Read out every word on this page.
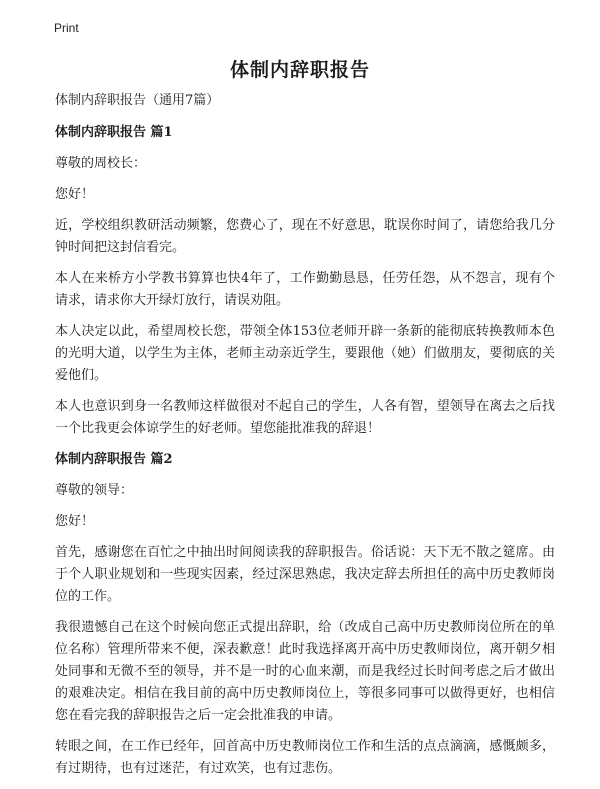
Print
体制内辞职报告

体制内辞职报告（通用7篇）

体制内辞职报告 篇1

尊敬的周校长：

您好！

近，学校组织教研活动频繁，您费心了，现在不好意思，耽误你时间了，请您给我几分钟时间把这封信看完。

本人在来桥方小学教书算算也快4年了，工作勤勤恳恳，任劳任怨，从不怨言，现有个请求，请求你大开绿灯放行，请误劝阻。

本人决定以此，希望周校长您，带领全体153位老师开辟一条新的能彻底转换教师本色的光明大道，以学生为主体，老师主动亲近学生，要跟他（她）们做朋友，要彻底的关爱他们。

本人也意识到身一名教师这样做很对不起自己的学生，人各有智，望领导在离去之后找一个比我更会体谅学生的好老师。望您能批准我的辞退！

体制内辞职报告 篇2

尊敬的领导：

您好！

首先，感谢您在百忙之中抽出时间阅读我的辞职报告。俗话说：天下无不散之筵席。由于个人职业规划和一些现实因素，经过深思熟虑，我决定辞去所担任的高中历史教师岗位的工作。

我很遗憾自己在这个时候向您正式提出辞职，给（改成自己高中历史教师岗位所在的单位名称）管理所带来不便，深表歉意！此时我选择离开高中历史教师岗位，离开朝夕相处同事和无微不至的领导，并不是一时的心血来潮，而是我经过长时间考虑之后才做出的艰难决定。相信在我目前的高中历史教师岗位上，等很多同事可以做得更好，也相信您在看完我的辞职报告之后一定会批准我的申请。

转眼之间，在工作已经年，回首高中历史教师岗位工作和生活的点点滴滴，感慨颇多，有过期待，也有过迷茫，有过欢笑，也有过悲伤。
